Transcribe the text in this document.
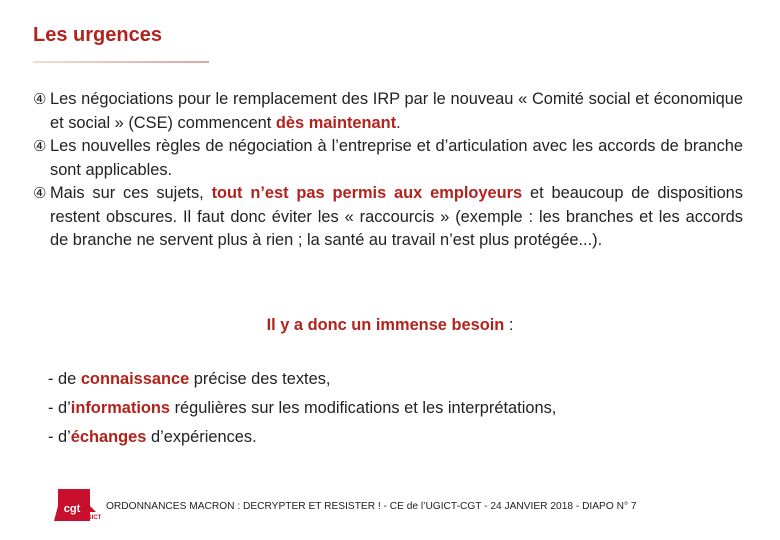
Les urgences
④ Les négociations pour le remplacement des IRP par le nouveau « Comité social et économique et social » (CSE) commencent dès maintenant.
④ Les nouvelles règles de négociation à l’entreprise et d’articulation avec les accords de branche sont applicables.
④ Mais sur ces sujets, tout n’est pas permis aux employeurs et beaucoup de dispositions restent obscures. Il faut donc éviter les « raccourcis » (exemple : les branches et les accords de branche ne servent plus à rien ; la santé au travail n’est plus protégée...).
Il y a donc un immense besoin :
- de connaissance précise des textes,
- d’informations régulières sur les modifications et les interprétations,
- d’échanges d’expériences.
cgt
UGICT
ORDONNANCES MACRON : DECRYPTER ET RESISTER ! - CE de l’UGICT-CGT - 24 JANVIER 2018 - DIAPO N° 7
